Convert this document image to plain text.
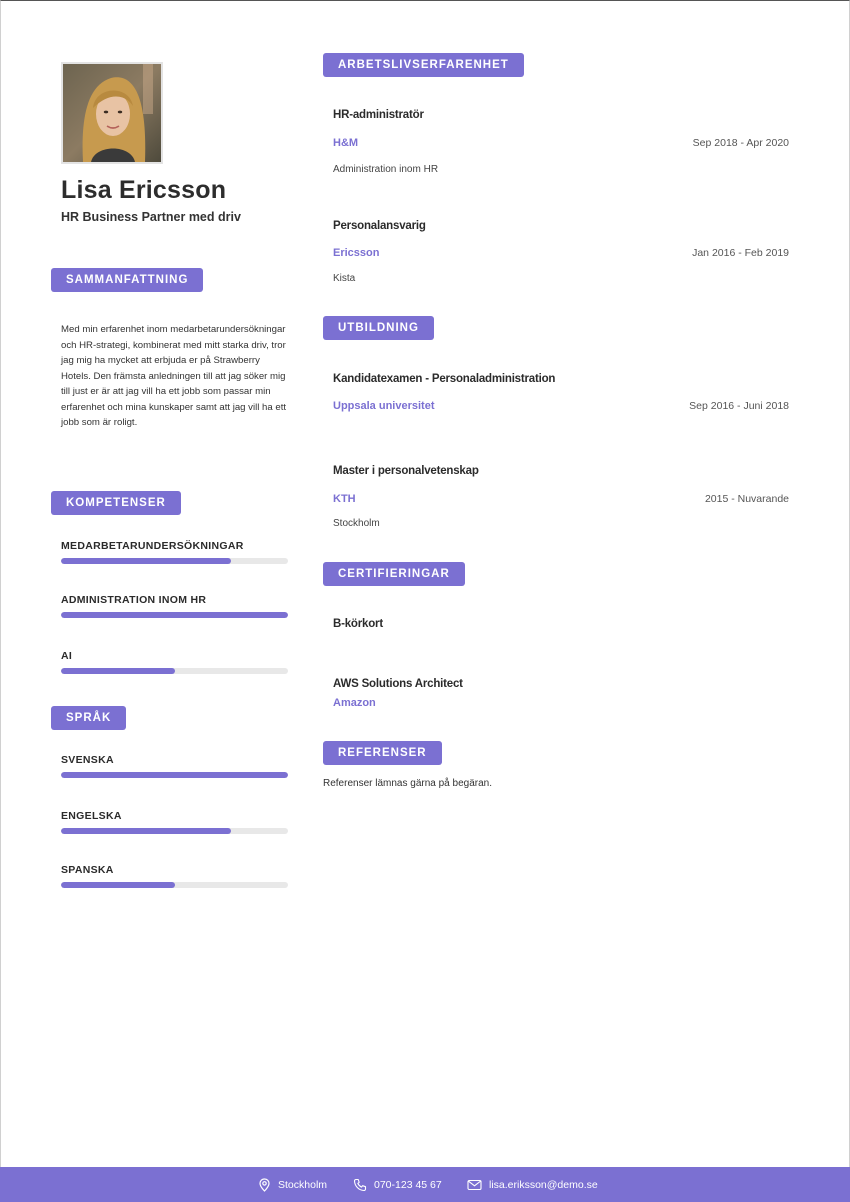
Lisa Ericsson
HR Business Partner med driv
SAMMANFATTNING
Med min erfarenhet inom medarbetarundersökningar och HR-strategi, kombinerat med mitt starka driv, tror jag mig ha mycket att erbjuda er på Strawberry Hotels. Den främsta anledningen till att jag söker mig till just er är att jag vill ha ett jobb som passar min erfarenhet och mina kunskaper samt att jag vill ha ett jobb som är roligt.
KOMPETENSER
MEDARBETARUNDERSÖKNINGAR
ADMINISTRATION INOM HR
AI
SPRÅK
SVENSKA
ENGELSKA
SPANSKA
ARBETSLIVSERFARENHET
HR-administratör
H&M	Sep 2018 - Apr 2020
Administration inom HR
Personalansvarig
Ericsson	Jan 2016 - Feb 2019
Kista
UTBILDNING
Kandidatexamen - Personaladministration
Uppsala universitet	Sep 2016 - Juni 2018
Master i personalvetenskap
KTH	2015 - Nuvarande
Stockholm
CERTIFIERINGAR
B-körkort
AWS Solutions Architect
Amazon
REFERENSER
Referenser lämnas gärna på begäran.
Stockholm	070-123 45 67	lisa.eriksson@demo.se
